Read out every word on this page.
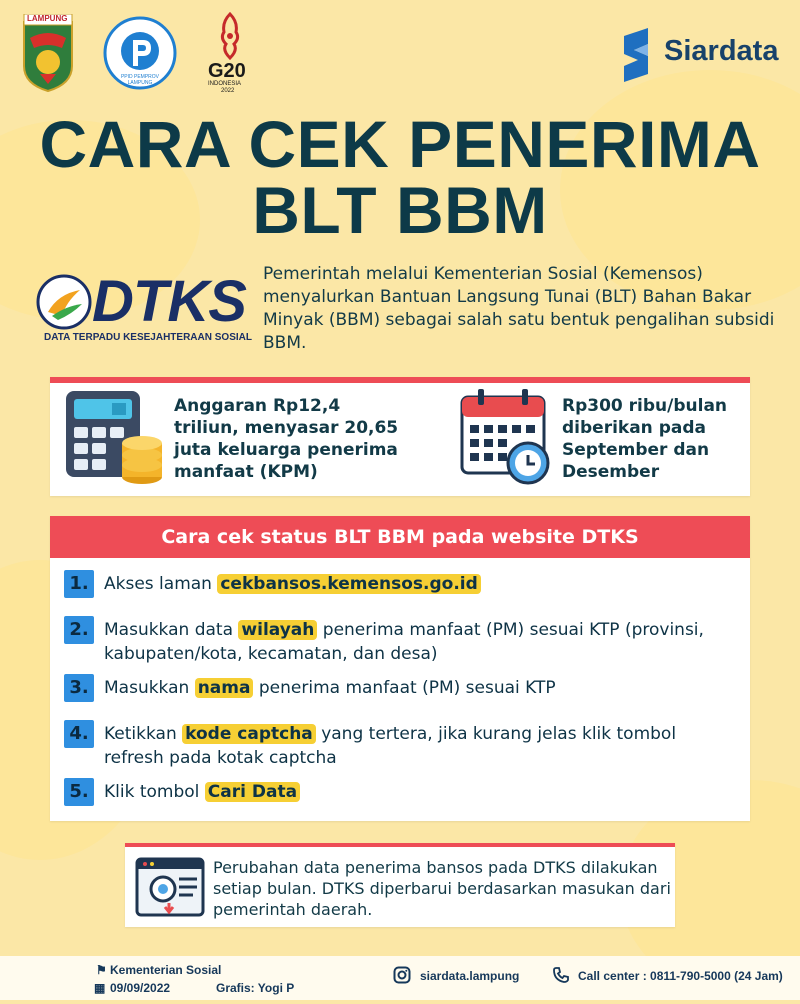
LAMPUNG
PPID PEMPROV LAMPUNG
G20
INDONESIA
2022
Siardata
CARA CEK PENERIMA
BLT BBM
DTKS
DATA TERPADU KESEJAHTERAAN SOSIAL
Pemerintah melalui Kementerian Sosial (Kemensos) menyalurkan Bantuan Langsung Tunai (BLT) Bahan Bakar Minyak (BBM) sebagai salah satu bentuk pengalihan subsidi BBM.
Anggaran Rp12,4 triliun, menyasar 20,65 juta keluarga penerima manfaat (KPM)
Rp300 ribu/bulan diberikan pada September dan Desember
Cara cek status BLT BBM pada website DTKS
1. Akses laman cekbansos.kemensos.go.id
2. Masukkan data wilayah penerima manfaat (PM) sesuai KTP (provinsi, kabupaten/kota, kecamatan, dan desa)
3. Masukkan nama penerima manfaat (PM) sesuai KTP
4. Ketikkan kode captcha yang tertera, jika kurang jelas klik tombol refresh pada kotak captcha
5. Klik tombol Cari Data
Perubahan data penerima bansos pada DTKS dilakukan setiap bulan. DTKS diperbarui berdasarkan masukan dari pemerintah daerah.
⚑ Kementerian Sosial
▦ 09/09/2022	Grafis: Yogi P
siardata.lampung	Call center : 0811-790-5000 (24 Jam)
